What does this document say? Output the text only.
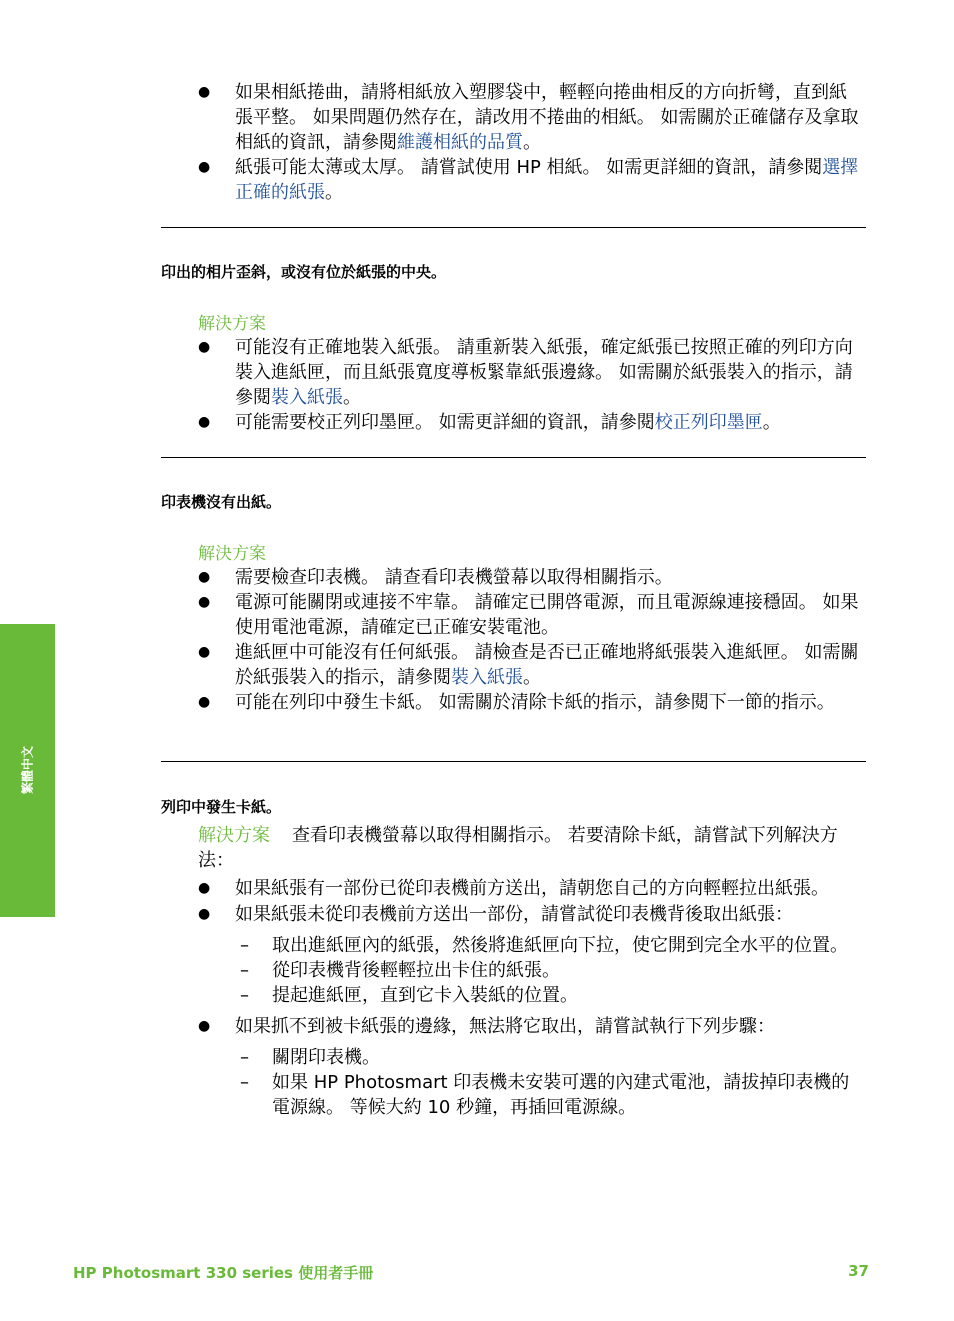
繁體中文
● 如果相紙捲曲，請將相紙放入塑膠袋中，輕輕向捲曲相反的方向折彎，直到紙張平整。 如果問題仍然存在，請改用不捲曲的相紙。 如需關於正確儲存及拿取相紙的資訊，請參閱維護相紙的品質。
● 紙張可能太薄或太厚。 請嘗試使用 HP 相紙。 如需更詳細的資訊，請參閱選擇正確的紙張。
印出的相片歪斜，或沒有位於紙張的中央。
解決方案
● 可能沒有正確地裝入紙張。 請重新裝入紙張，確定紙張已按照正確的列印方向裝入進紙匣，而且紙張寬度導板緊靠紙張邊緣。 如需關於紙張裝入的指示，請參閱裝入紙張。
● 可能需要校正列印墨匣。 如需更詳細的資訊，請參閱校正列印墨匣。
印表機沒有出紙。
解決方案
● 需要檢查印表機。 請查看印表機螢幕以取得相關指示。
● 電源可能關閉或連接不牢靠。 請確定已開啓電源，而且電源線連接穩固。 如果使用電池電源，請確定已正確安裝電池。
● 進紙匣中可能沒有任何紙張。 請檢查是否已正確地將紙張裝入進紙匣。 如需關於紙張裝入的指示，請參閱裝入紙張。
● 可能在列印中發生卡紙。 如需關於清除卡紙的指示，請參閱下一節的指示。
列印中發生卡紙。
解決方案 查看印表機螢幕以取得相關指示。 若要清除卡紙，請嘗試下列解決方法：
● 如果紙張有一部份已從印表機前方送出，請朝您自己的方向輕輕拉出紙張。
● 如果紙張未從印表機前方送出一部份，請嘗試從印表機背後取出紙張：
– 取出進紙匣內的紙張，然後將進紙匣向下拉，使它開到完全水平的位置。
– 從印表機背後輕輕拉出卡住的紙張。
– 提起進紙匣，直到它卡入裝紙的位置。
● 如果抓不到被卡紙張的邊緣，無法將它取出，請嘗試執行下列步驟：
– 關閉印表機。
– 如果 HP Photosmart 印表機未安裝可選的內建式電池，請拔掉印表機的電源線。 等候大約 10 秒鐘，再插回電源線。
HP Photosmart 330 series 使用者手冊	37
